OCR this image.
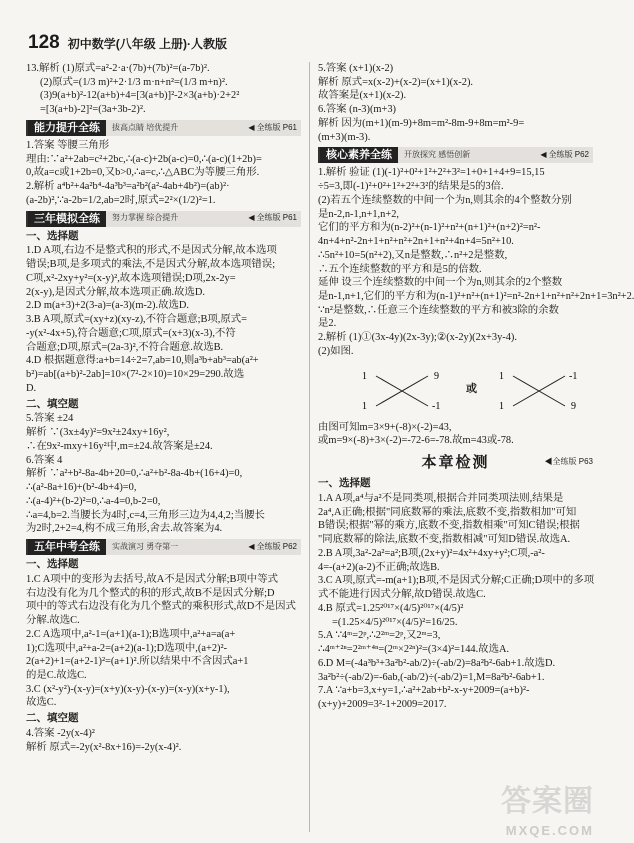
128 初中数学(八年级 上册)·人教版

13.解析 (1)原式=a²-2·a·(7b)+(7b)²=(a-7b)².

(2)原式=(1/3 m)²+2·1/3 m·n+n²=(1/3 m+n)².

(3)9(a+b)²-12(a+b)+4=[3(a+b)]²-2×3(a+b)·2+2²

=[3(a+b)-2]²=(3a+3b-2)².

能力提升全练	拔高点睛 培优提升	◀ 全练版 P61

1.答案 等腰三角形

理由:∵a²+2ab=c²+2bc,∴(a-c)+2b(a-c)=0,∴(a-c)(1+2b)=

0,故a=c或1+2b=0,又b>0,∴a=c,∴△ABC为等腰三角形.

2.解析 a⁴b²+4a²b⁴-4a³b³=a²b²(a²-4ab+4b²)=(ab)²·

(a-2b)²,∵a-2b=1/2,ab=2时,原式=2²×(1/2)²=1.

三年模拟全练	努力掌握 综合提升	◀ 全练版 P61

一、选择题

1.D A项,右边不是整式积的形式,不是因式分解,故本选项

错误;B项,是多项式的乘法,不是因式分解,故本选项错误;

C项,x²-2xy+y²=(x-y)²,故本选项错误;D项,2x-2y=

2(x-y),是因式分解,故本选项正确.故选D.

2.D m(a+3)+2(3-a)=(a-3)(m-2).故选D.

3.B A项,原式=(xy+z)(xy-z),不符合题意;B项,原式=

-y(x²-4x+5),符合题意;C项,原式=(x+3)(x-3),不符

合题意;D项,原式=(2a-3)²,不符合题意.故选B.

4.D 根据题意得:a+b=14÷2=7,ab=10,则a³b+ab³=ab(a²+

b²)=ab[(a+b)²-2ab]=10×(7²-2×10)=10×29=290.故选

D.

二、填空题

5.答案 ±24

解析 ∵(3x±4y)²=9x²±24xy+16y²,

∴在9x²-mxy+16y²中,m=±24.故答案是±24.

6.答案 4

解析 ∵a²+b²-8a-4b+20=0,∴a²+b²-8a-4b+(16+4)=0,

∴(a²-8a+16)+(b²-4b+4)=0,

∴(a-4)²+(b-2)²=0,∴a-4=0,b-2=0,

∴a=4,b=2.当腰长为4时,c=4,三角形三边为4,4,2;当腰长

为2时,2+2=4,构不成三角形,舍去.故答案为4.

五年中考全练	实战演习 勇夺第一	◀ 全练版 P62

一、选择题

1.C A项中的变形为去括号,故A不是因式分解;B项中等式

右边没有化为几个整式的积的形式,故B不是因式分解;D

项中的等式右边没有化为几个整式的乘积形式,故D不是因式

分解.故选C.

2.C A选项中,a²-1=(a+1)(a-1);B选项中,a²+a=a(a+

1);C选项中,a²+a-2=(a+2)(a-1);D选项中,(a+2)²-

2(a+2)+1=(a+2-1)²=(a+1)².所以结果中不含因式a+1

的是C.故选C.

3.C (x²-y²)-(x-y)=(x+y)(x-y)-(x-y)=(x-y)(x+y-1),

故选C.

二、填空题

4.答案 -2y(x-4)²

解析 原式=-2y(x²-8x+16)=-2y(x-4)².

5.答案 (x+1)(x-2)

解析 原式=x(x-2)+(x-2)=(x+1)(x-2).

故答案是(x+1)(x-2).

6.答案 (n-3)(m+3)

解析 因为(m+1)(m-9)+8m=m²-8m-9+8m=m²-9=

(m+3)(m-3).

核心素养全练	开放探究 感悟创新	◀ 全练版 P62

1.解析 验证 (1)(-1)²+0²+1²+2²+3²=1+0+1+4+9=15,15

÷5=3,即(-1)²+0²+1²+2²+3²的结果是5的3倍.

(2)若五个连续整数的中间一个为n,则其余的4个整数分别

是n-2,n-1,n+1,n+2,

它们的平方和为(n-2)²+(n-1)²+n²+(n+1)²+(n+2)²=n²-

4n+4+n²-2n+1+n²+n²+2n+1+n²+4n+4=5n²+10.

∴5n²+10=5(n²+2),又n是整数,∴n²+2是整数,

∴五个连续整数的平方和是5的倍数.

延伸 设三个连续整数的中间一个为n,则其余的2个整数

是n-1,n+1,它们的平方和为(n-1)²+n²+(n+1)²=n²-2n+1+n²+n²+2n+1=3n²+2.

∵n²是整数,∴任意三个连续整数的平方和被3除的余数

是2.

2.解析 (1)①(3x-4y)(2x-3y);②(x-2y)(2x+3y-4).

(2)如图.

1	9
1	-1
或
1	-1
1	9

由图可知m=3×9+(-8)×(-2)=43,

或m=9×(-8)+3×(-2)=-72-6=-78.故m=43或-78.

本章检测	◀全练版 P63

一、选择题

1.A A项,a⁴与a²不是同类项,根据合并同类项法则,结果是

2a⁴,A正确;根据"同底数幂的乘法,底数不变,指数相加"可知

B错误;根据"幂的乘方,底数不变,指数相乘"可知C错误;根据

"同底数幂的除法,底数不变,指数相减"可知D错误.故选A.

2.B A项,3a²-2a²=a²;B项,(2x+y)²=4x²+4xy+y²;C项,-a²-

4=-(a+2)(a-2)不正确;故选B.

3.C A项,原式=-m(a+1);B项,不是因式分解;C正确;D项中的多项

式不能进行因式分解,故D错误.故选C.

4.B 原式=1.25²⁰¹⁷×(4/5)²⁰¹⁷×(4/5)²

=(1.25×4/5)²⁰¹⁷×(4/5)²=16/25.

5.A ∵4ᵐ=2ᵖ,∴2²ᵐ=2ᵖ,又2ᵐ=3,

∴4ᵐ⁺²ⁿ=2²ᵐ⁺⁴ⁿ=(2ᵐ×2²ⁿ)²=(3×4)²=144.故选A.

6.D M=(-4a³b³+3a²b²-ab/2)÷(-ab/2)=8a²b²-6ab+1.故选D.

3a²b²÷(-ab/2)=-6ab,(-ab/2)÷(-ab/2)=1,M=8a²b²-6ab+1.

7.A ∵a+b=3,x+y=1,∴a²+2ab+b²-x-y+2009=(a+b)²-

(x+y)+2009=3²-1+2009=2017.

答案圈
MXQE.COM
